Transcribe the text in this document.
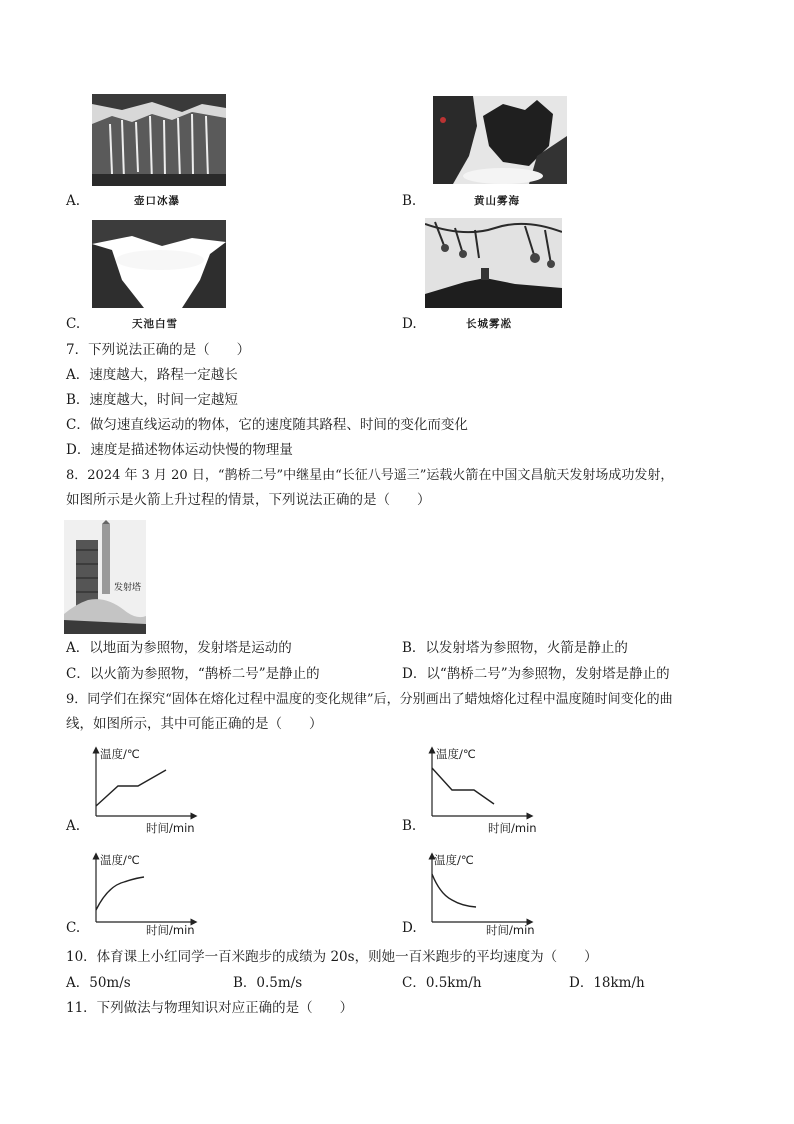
A.	壶口冰瀑	B.	黄山雾海
C.	天池白雪	D.	长城雾凇
7．下列说法正确的是（　　）
A．速度越大，路程一定越长
B．速度越大，时间一定越短
C．做匀速直线运动的物体，它的速度随其路程、时间的变化而变化
D．速度是描述物体运动快慢的物理量
8．2024 年 3 月 20 日，“鹊桥二号”中继星由“长征八号遥三”运载火箭在中国文昌航天发射场成功发射，
如图所示是火箭上升过程的情景，下列说法正确的是（　　）
发射塔
A．以地面为参照物，发射塔是运动的	B．以发射塔为参照物，火箭是静止的
C．以火箭为参照物，“鹊桥二号”是静止的	D．以“鹊桥二号”为参照物，发射塔是静止的
9．同学们在探究“固体在熔化过程中温度的变化规律”后，分别画出了蜡烛熔化过程中温度随时间变化的曲
线，如图所示，其中可能正确的是（　　）
温度/℃
时间/min
A.
温度/℃
时间/min
B.
温度/℃
时间/min
C.
温度/℃
时间/min
D.
10．体育课上小红同学一百米跑步的成绩为 20s，则她一百米跑步的平均速度为（　　）
A．50m/s	B．0.5m/s	C．0.5km/h	D．18km/h
11．下列做法与物理知识对应正确的是（　　）
